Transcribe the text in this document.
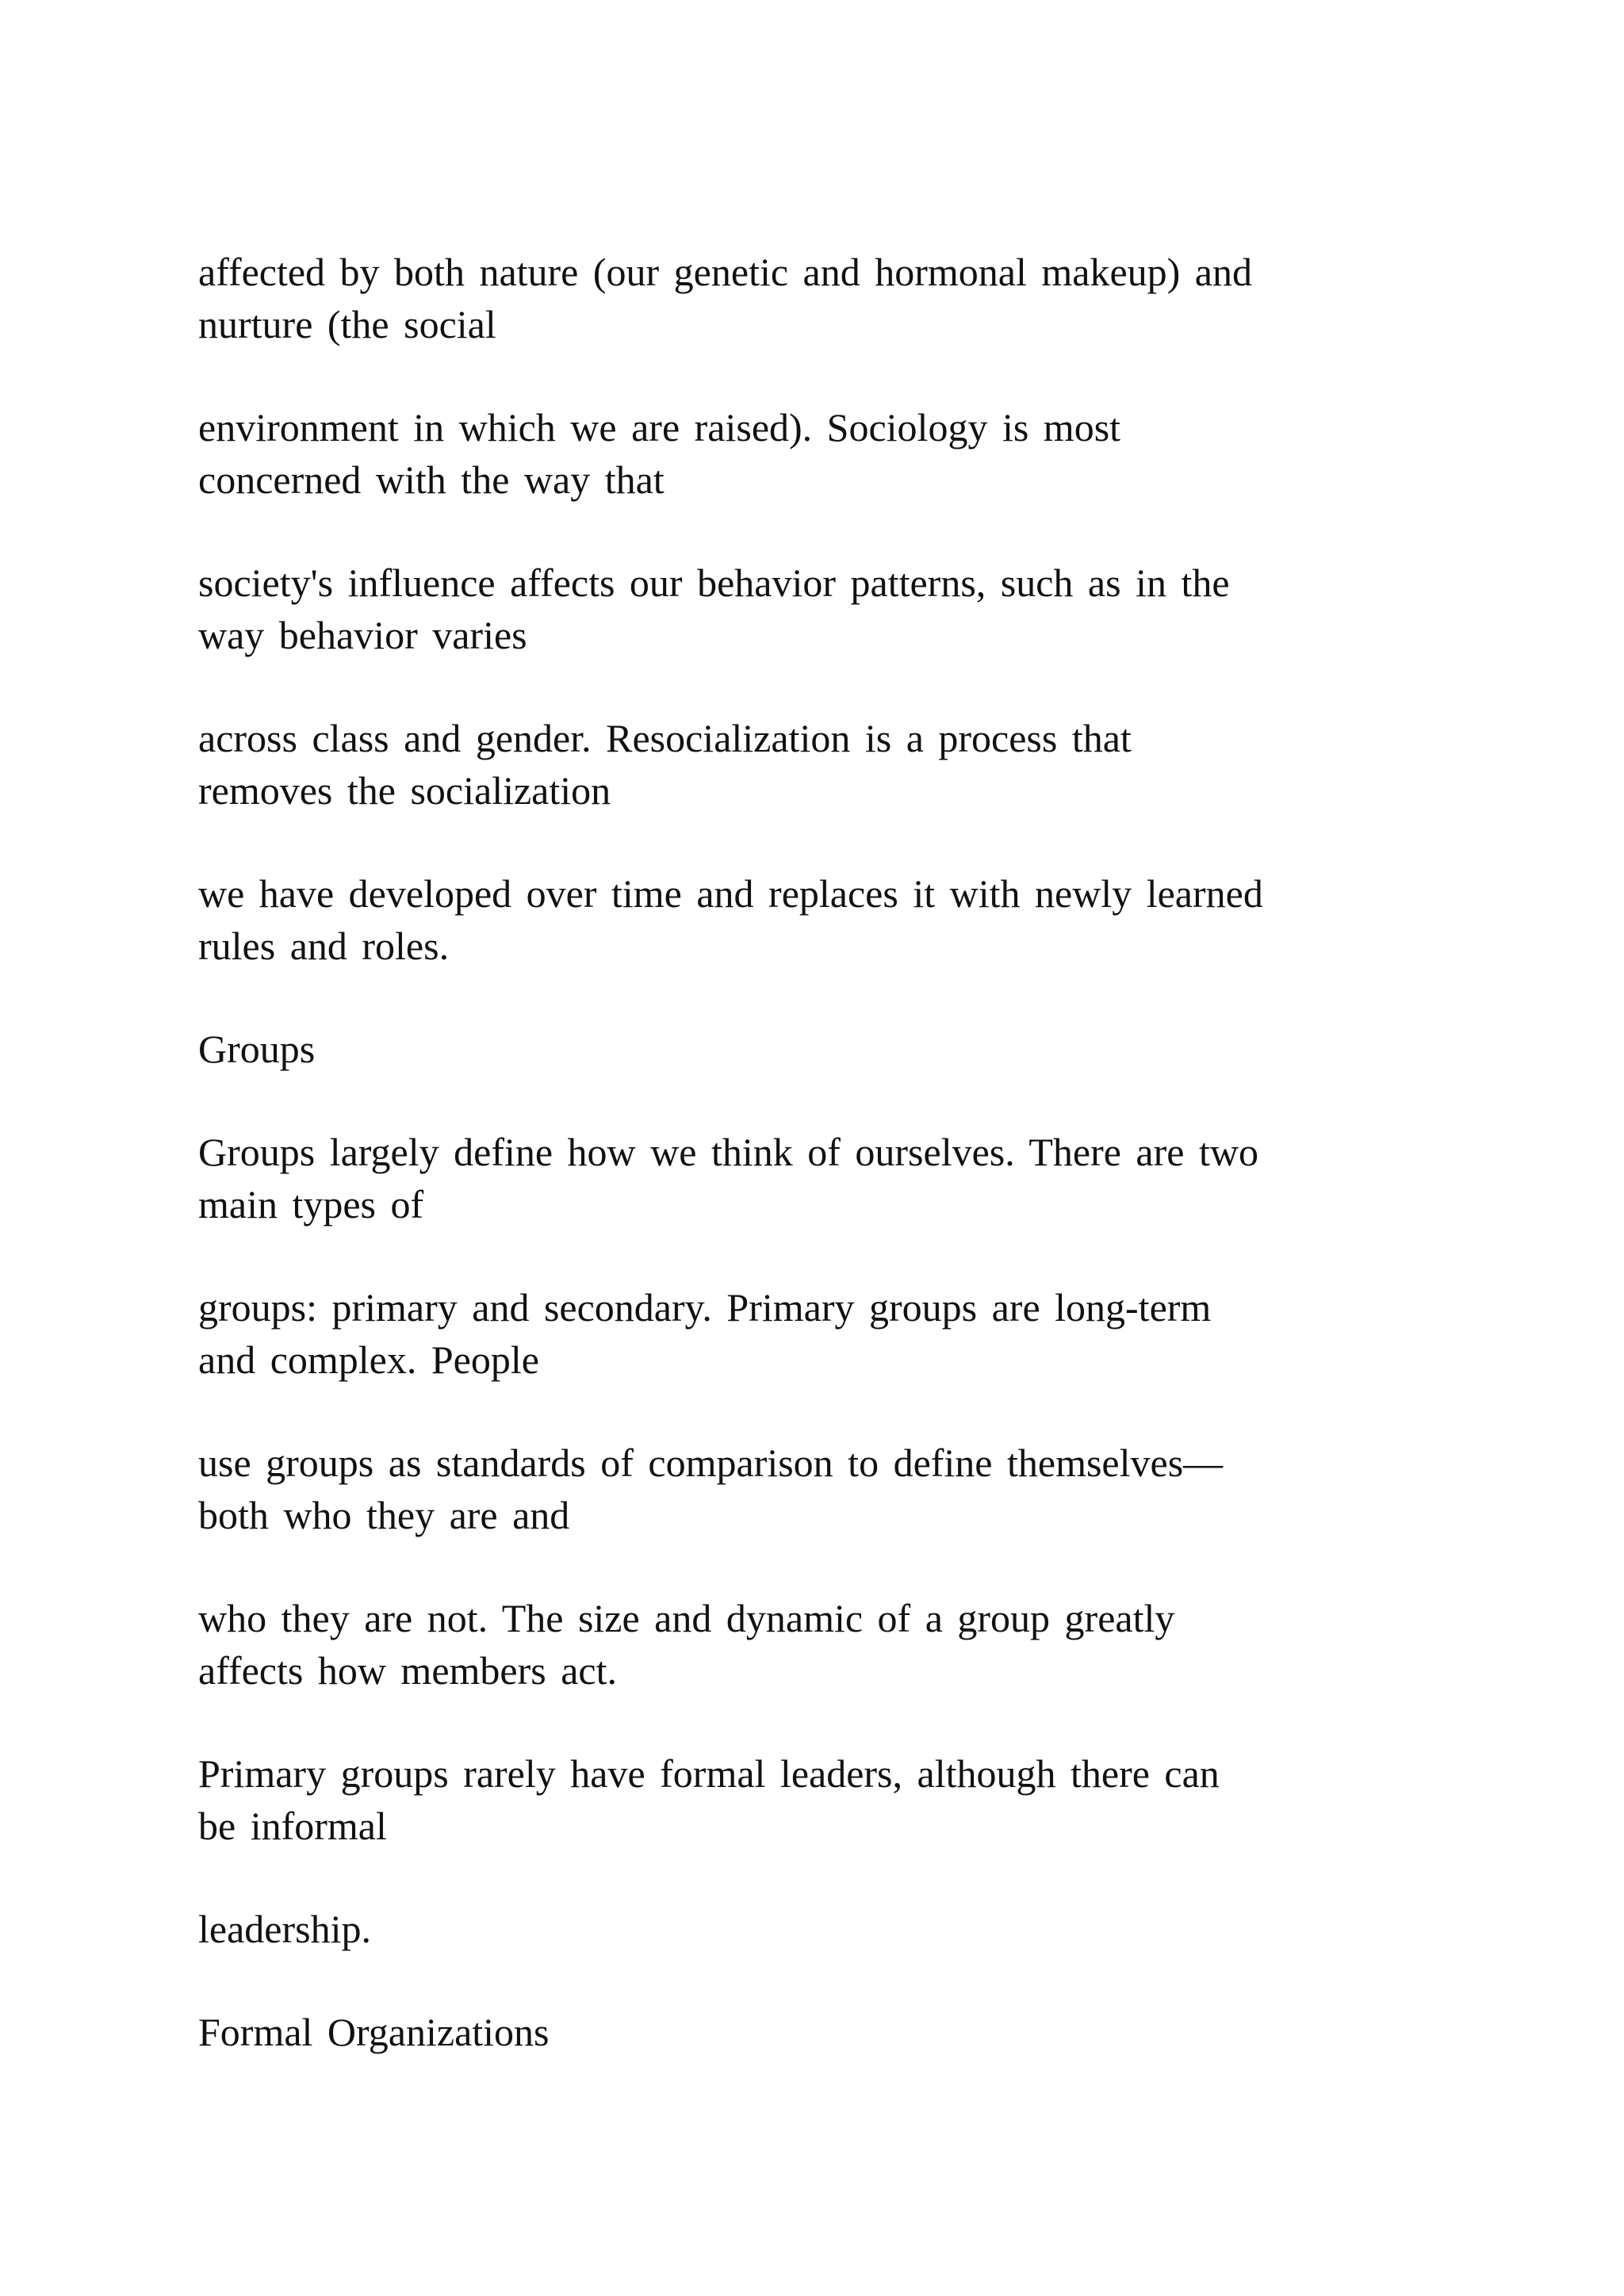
affected by both nature (our genetic and hormonal makeup) and
nurture (the social

environment in which we are raised). Sociology is most
concerned with the way that

society's influence affects our behavior patterns, such as in the
way behavior varies

across class and gender. Resocialization is a process that
removes the socialization

we have developed over time and replaces it with newly learned
rules and roles.

Groups

Groups largely define how we think of ourselves. There are two
main types of

groups: primary and secondary. Primary groups are long-term
and complex. People

use groups as standards of comparison to define themselves—
both who they are and

who they are not. The size and dynamic of a group greatly
affects how members act.

Primary groups rarely have formal leaders, although there can
be informal

leadership.

Formal Organizations
